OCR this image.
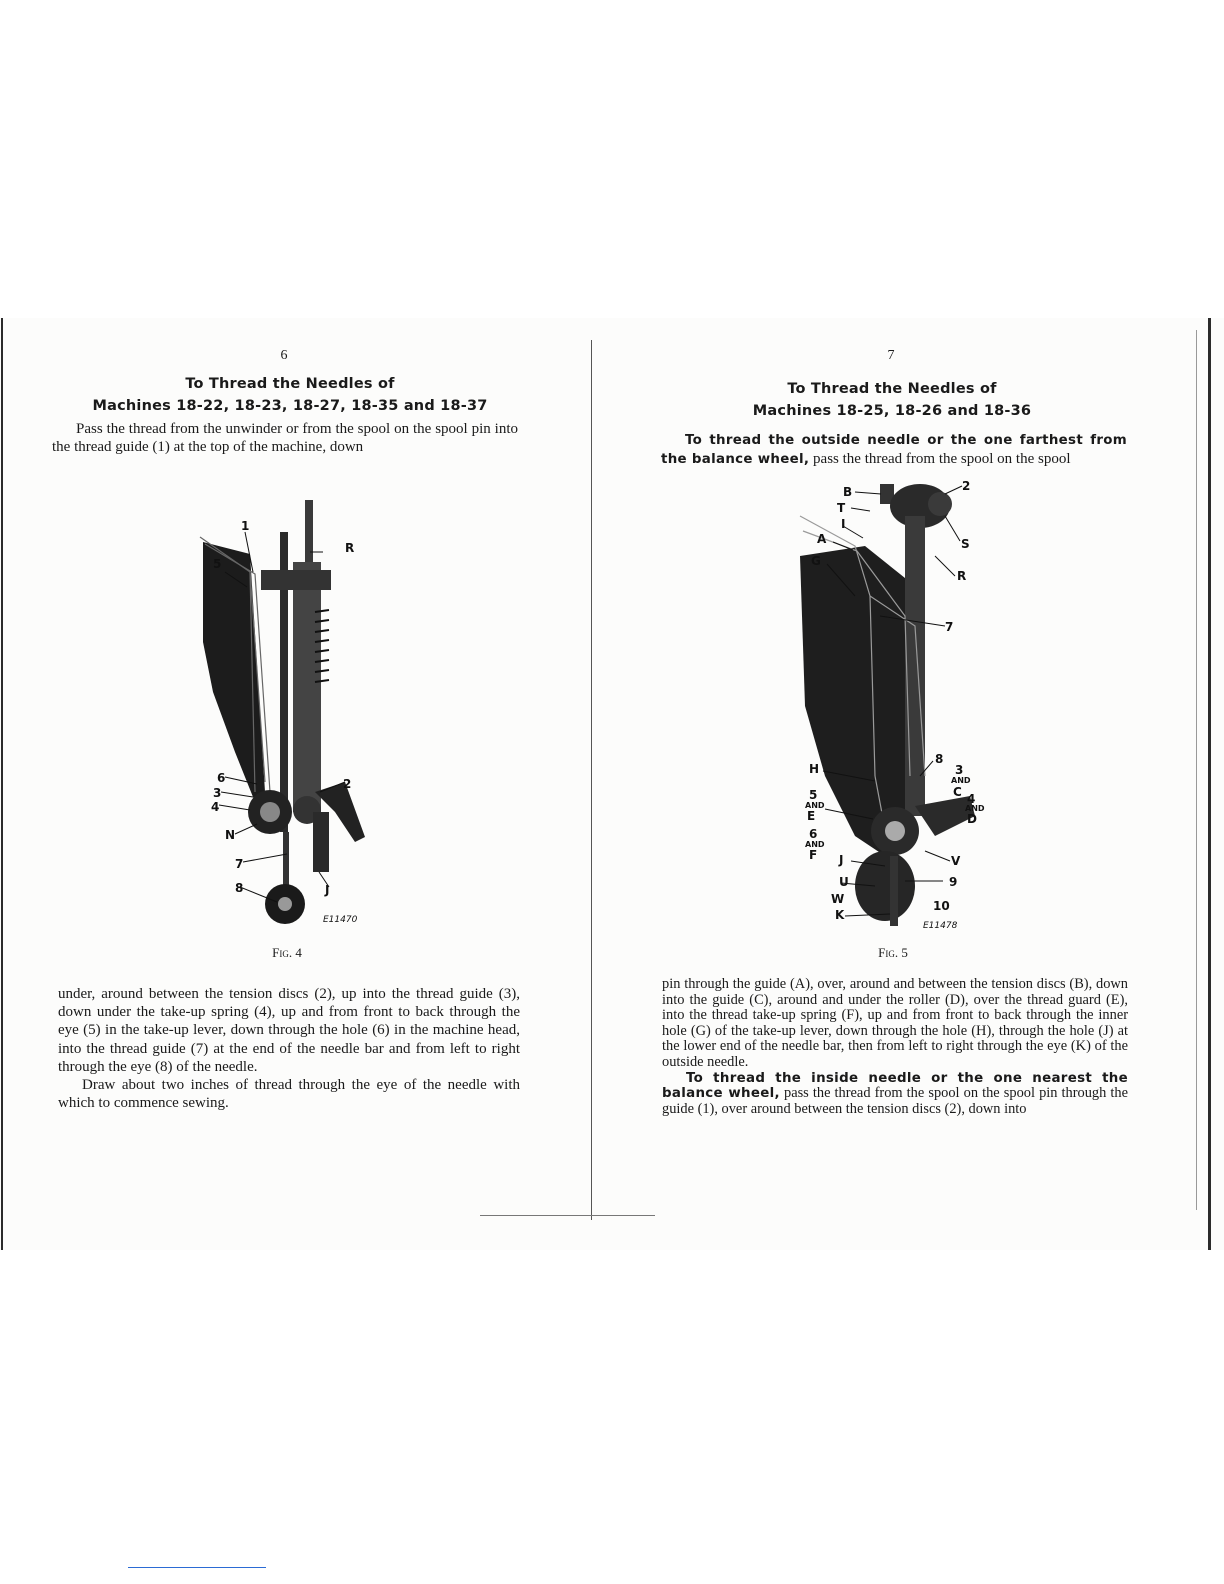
6
To Thread the Needles of
Machines 18-22, 18-23, 18-27, 18-35 and 18-37

Pass the thread from the unwinder or from the spool on the spool pin into the thread guide (1) at the top of the machine, down

1
R
5
6
3
4
2
N
7
8	J
E11470
Fig. 4

under, around between the tension discs (2), up into the thread guide (3), down under the take-up spring (4), up and from front to back through the eye (5) in the take-up lever, down through the hole (6) in the machine head, into the thread guide (7) at the end of the needle bar and from left to right through the eye (8) of the needle.

Draw about two inches of thread through the eye of the needle with which to commence sewing.

7
To Thread the Needles of
Machines 18-25, 18-26 and 18-36

To thread the outside needle or the one farthest from the balance wheel, pass the thread from the spool on the spool

B
T
I
A
G
2
S
R
7
H
8
3
AND
C 4
AND
D
5
AND
E
6
AND
F J	V
U	9
W	10
K
E11478
Fig. 5

pin through the guide (A), over, around and between the tension discs (B), down into the guide (C), around and under the roller (D), over the thread guard (E), into the thread take-up spring (F), up and from front to back through the inner hole (G) of the take-up lever, down through the hole (H), through the hole (J) at the lower end of the needle bar, then from left to right through the eye (K) of the outside needle.

To thread the inside needle or the one nearest the balance wheel, pass the thread from the spool on the spool pin through the guide (1), over around between the tension discs (2), down into
